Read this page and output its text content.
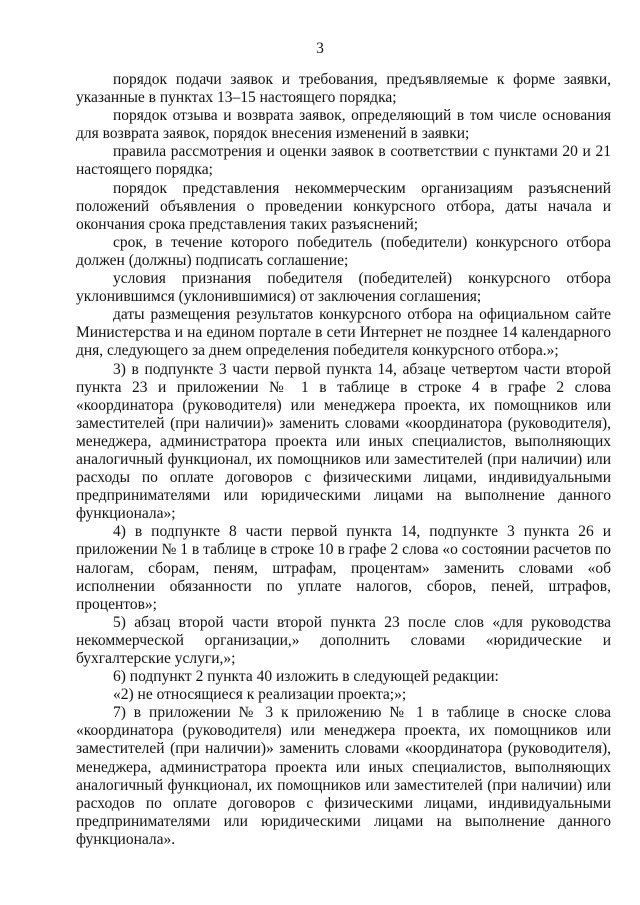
3

порядок подачи заявок и требования, предъявляемые к форме заявки, указанные в пунктах 13–15 настоящего порядка;

порядок отзыва и возврата заявок, определяющий в том числе основания для возврата заявок, порядок внесения изменений в заявки;

правила рассмотрения и оценки заявок в соответствии с пунктами 20 и 21 настоящего порядка;

порядок представления некоммерческим организациям разъяснений положений объявления о проведении конкурсного отбора, даты начала и окончания срока представления таких разъяснений;

срок, в течение которого победитель (победители) конкурсного отбора должен (должны) подписать соглашение;

условия признания победителя (победителей) конкурсного отбора уклонившимся (уклонившимися) от заключения соглашения;

даты размещения результатов конкурсного отбора на официальном сайте Министерства и на едином портале в сети Интернет не позднее 14 календарного дня, следующего за днем определения победителя конкурсного отбора.»;

3) в подпункте 3 части первой пункта 14, абзаце четвертом части второй пункта 23 и приложении № 1 в таблице в строке 4 в графе 2 слова «координатора (руководителя) или менеджера проекта, их помощников или заместителей (при наличии)» заменить словами «координатора (руководителя), менеджера, администратора проекта или иных специалистов, выполняющих аналогичный функционал, их помощников или заместителей (при наличии) или расходы по оплате договоров с физическими лицами, индивидуальными предпринимателями или юридическими лицами на выполнение данного функционала»;

4) в подпункте 8 части первой пункта 14, подпункте 3 пункта 26 и приложении № 1 в таблице в строке 10 в графе 2 слова «о состоянии расчетов по налогам, сборам, пеням, штрафам, процентам» заменить словами «об исполнении обязанности по уплате налогов, сборов, пеней, штрафов, процентов»;

5) абзац второй части второй пункта 23 после слов «для руководства некоммерческой организации,» дополнить словами «юридические и бухгалтерские услуги,»;

6) подпункт 2 пункта 40 изложить в следующей редакции:

«2) не относящиеся к реализации проекта;»;

7) в приложении № 3 к приложению № 1 в таблице в сноске слова «координатора (руководителя) или менеджера проекта, их помощников или заместителей (при наличии)» заменить словами «координатора (руководителя), менеджера, администратора проекта или иных специалистов, выполняющих аналогичный функционал, их помощников или заместителей (при наличии) или расходов по оплате договоров с физическими лицами, индивидуальными предпринимателями или юридическими лицами на выполнение данного функционала».
